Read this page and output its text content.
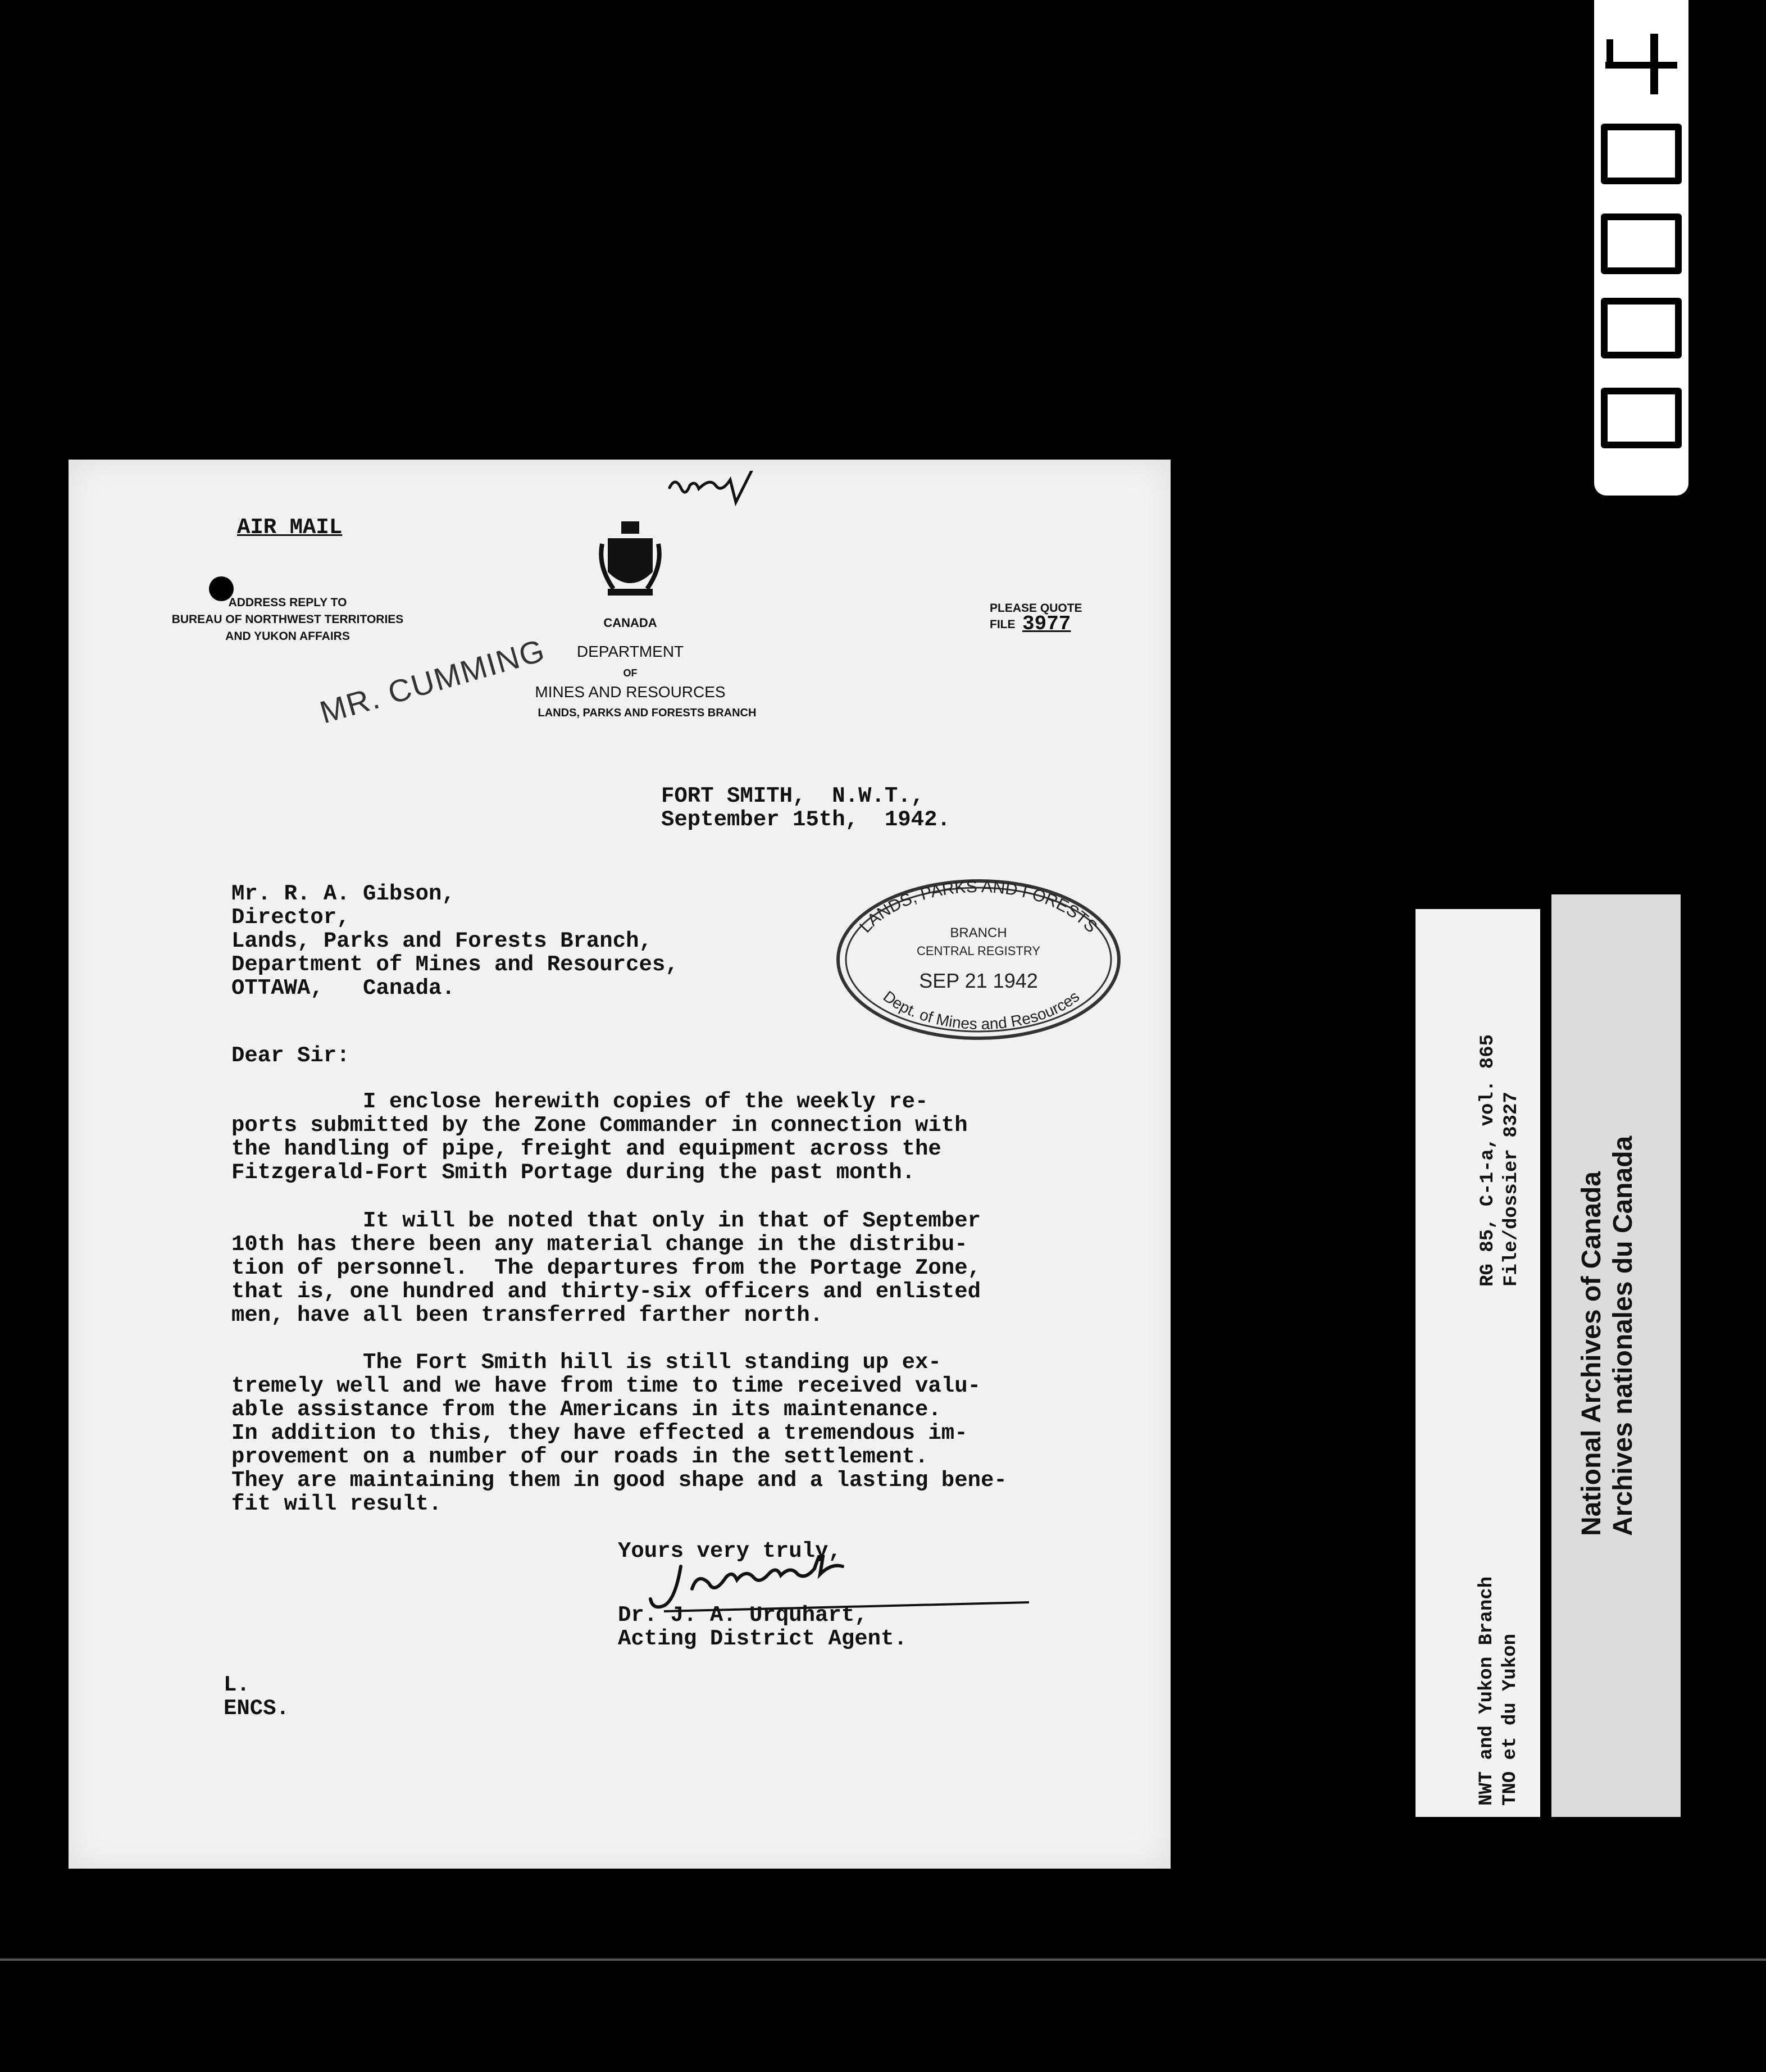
AIR MAIL
ADDRESS REPLY TO
BUREAU OF NORTHWEST TERRITORIES
AND YUKON AFFAIRS
CANADA
DEPARTMENT
OF
MINES AND RESOURCES
LANDS, PARKS AND FORESTS BRANCH
PLEASE QUOTE
FILE 3977
MR. CUMMING
FORT SMITH,  N.W.T.,
September 15th,  1942.
Mr. R. A. Gibson,
Director,
Lands, Parks and Forests Branch,
Department of Mines and Resources,
OTTAWA,   Canada.
LANDS, PARKS AND FORESTS
BRANCH
CENTRAL REGISTRY
SEP 21 1942
Dept. of Mines and Resources
Dear Sir:
I enclose herewith copies of the weekly re-
ports submitted by the Zone Commander in connection with
the handling of pipe, freight and equipment across the
Fitzgerald-Fort Smith Portage during the past month.
It will be noted that only in that of September
10th has there been any material change in the distribu-
tion of personnel.  The departures from the Portage Zone,
that is, one hundred and thirty-six officers and enlisted
men, have all been transferred farther north.
The Fort Smith hill is still standing up ex-
tremely well and we have from time to time received valu-
able assistance from the Americans in its maintenance.
In addition to this, they have effected a tremendous im-
provement on a number of our roads in the settlement.
They are maintaining them in good shape and a lasting bene-
fit will result.
Yours very truly,
Dr. J. A. Urquhart,
Acting District Agent.
L.
ENCS.
RG 85, C-1-a, vol. 865 File/dossier 8327
NWT and Yukon Branch TNO et du Yukon
National Archives of Canada Archives nationales du Canada
